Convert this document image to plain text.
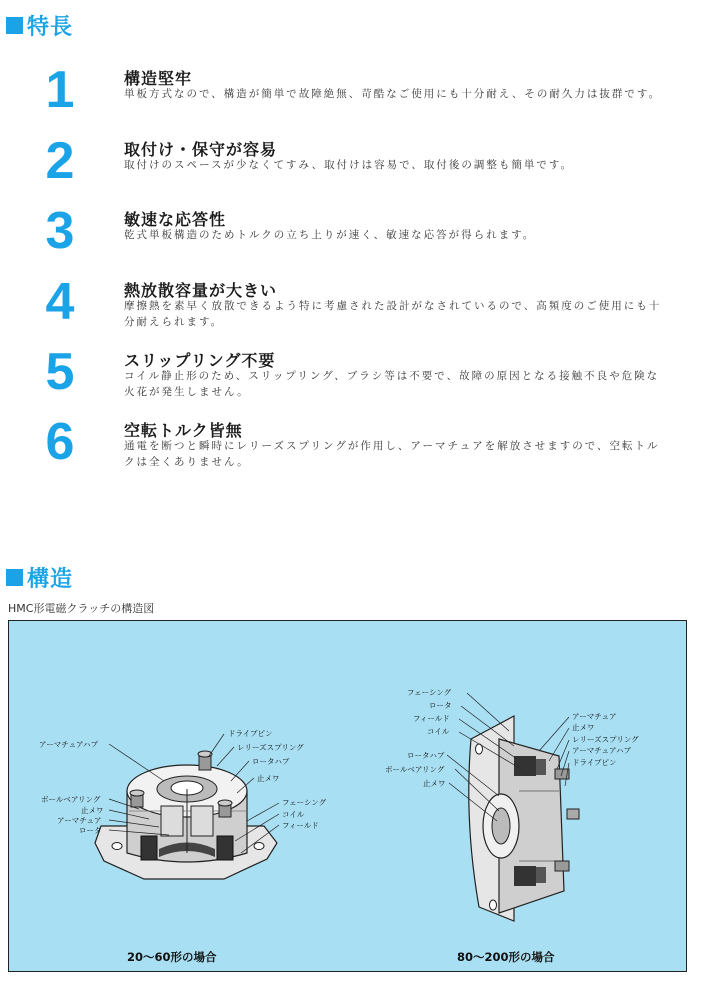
特長
1	構造堅牢
単板方式なので、構造が簡単で故障絶無、苛酷なご使用にも十分耐え、その耐久力は抜群です。
2	取付け・保守が容易
取付けのスペースが少なくてすみ、取付けは容易で、取付後の調整も簡単です。
3	敏速な応答性
乾式単板構造のためトルクの立ち上りが速く、敏速な応答が得られます。
4	熱放散容量が大きい
摩擦熱を素早く放散できるよう特に考慮された設計がなされているので、高頻度のご使用にも十分耐えられます。
5	スリップリング不要
コイル静止形のため、スリップリング、ブラシ等は不要で、故障の原因となる接触不良や危険な火花が発生しません。
6	空転トルク皆無
通電を断つと瞬時にレリーズスプリングが作用し、アーマチュアを解放させますので、空転トルクは全くありません。
構造
HMC形電磁クラッチの構造図
ドライブピン
レリーズスプリング
アーマチュアハブ
ロータハブ
止メワ
ボールベアリング
止メワ
アーマチュア
ロータ
フェーシング
コイル
フィールド
20～60形の場合
フェーシング
ロータ
フィールド
コイル
ロータハブ
ボールベアリング
止メワ
アーマチュア
止メワ
レリーズスプリング
アーマチュアハブ
ドライブピン
80～200形の場合
